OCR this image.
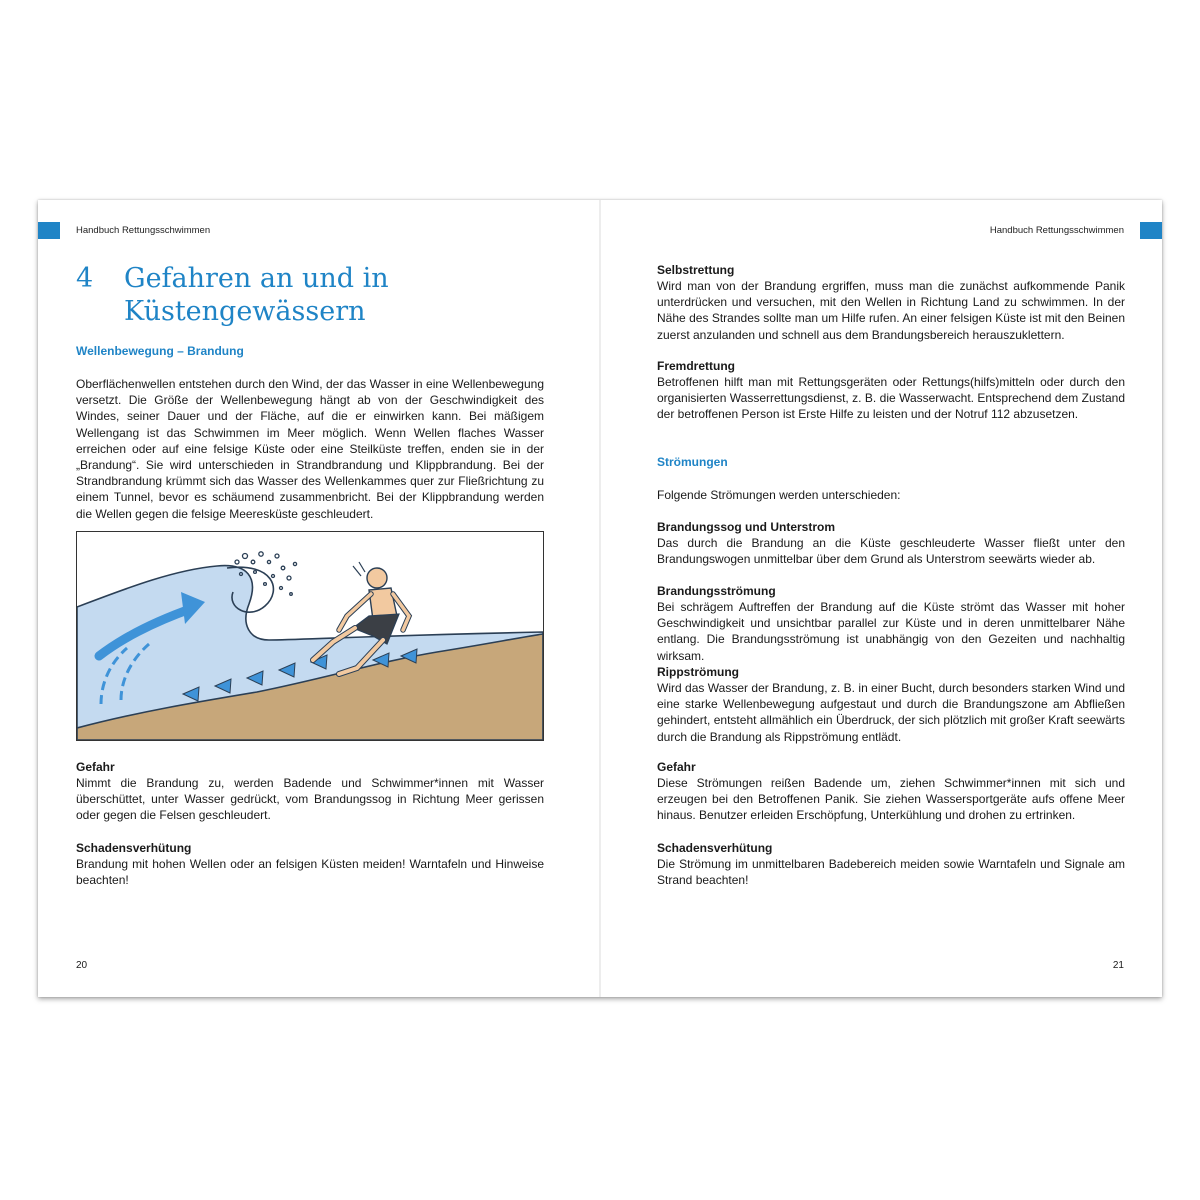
Handbuch Rettungsschwimmen	Handbuch Rettungsschwimmen
4 Gefahren an und in Küstengewässern
Wellenbewegung – Brandung

Oberflächenwellen entstehen durch den Wind, der das Wasser in eine Wellenbewegung versetzt. Die Größe der Wellenbewegung hängt ab von der Geschwindigkeit des Windes, seiner Dauer und der Fläche, auf die er einwirken kann. Bei mäßigem Wellengang ist das Schwimmen im Meer möglich. Wenn Wellen flaches Wasser erreichen oder auf eine felsige Küste oder eine Steilküste treffen, enden sie in der „Brandung“. Sie wird unterschieden in Strandbrandung und Klippbrandung. Bei der Strandbrandung krümmt sich das Wasser des Wellenkammes quer zur Fließrichtung zu einem Tunnel, bevor es schäumend zusammenbricht. Bei der Klippbrandung werden die Wellen gegen die felsige Meeresküste geschleudert.

Gefahr

Nimmt die Brandung zu, werden Badende und Schwimmer*innen mit Wasser überschüttet, unter Wasser gedrückt, vom Brandungssog in Richtung Meer gerissen oder gegen die Felsen geschleudert.

Schadensverhütung

Brandung mit hohen Wellen oder an felsigen Küsten meiden! Warntafeln und Hinweise beachten!

20
Selbstrettung

Wird man von der Brandung ergriffen, muss man die zunächst aufkommende Panik unterdrücken und versuchen, mit den Wellen in Richtung Land zu schwimmen. In der Nähe des Strandes sollte man um Hilfe rufen. An einer felsigen Küste ist mit den Beinen zuerst anzulanden und schnell aus dem Brandungsbereich herauszuklettern.

Fremdrettung

Betroffenen hilft man mit Rettungsgeräten oder Rettungs(hilfs)mitteln oder durch den organisierten Wasserrettungsdienst, z. B. die Wasserwacht. Entsprechend dem Zustand der betroffenen Person ist Erste Hilfe zu leisten und der Notruf 112 abzusetzen.

Strömungen

Folgende Strömungen werden unterschieden:

Brandungssog und Unterstrom

Das durch die Brandung an die Küste geschleuderte Wasser fließt unter den Brandungswogen unmittelbar über dem Grund als Unterstrom seewärts wieder ab.

Brandungsströmung

Bei schrägem Auftreffen der Brandung auf die Küste strömt das Wasser mit hoher Geschwindigkeit und unsichtbar parallel zur Küste und in deren unmittelbarer Nähe entlang. Die Brandungsströmung ist unabhängig von den Gezeiten und nachhaltig wirksam.

Rippströmung

Wird das Wasser der Brandung, z. B. in einer Bucht, durch besonders starken Wind und eine starke Wellenbewegung aufgestaut und durch die Brandungszone am Abfließen gehindert, entsteht allmählich ein Überdruck, der sich plötzlich mit großer Kraft seewärts durch die Brandung als Rippströmung entlädt.

Gefahr

Diese Strömungen reißen Badende um, ziehen Schwimmer*innen mit sich und erzeugen bei den Betroffenen Panik. Sie ziehen Wassersportgeräte aufs offene Meer hinaus. Benutzer erleiden Erschöpfung, Unterkühlung und drohen zu ertrinken.

Schadensverhütung

Die Strömung im unmittelbaren Badebereich meiden sowie Warntafeln und Signale am Strand beachten!

21
